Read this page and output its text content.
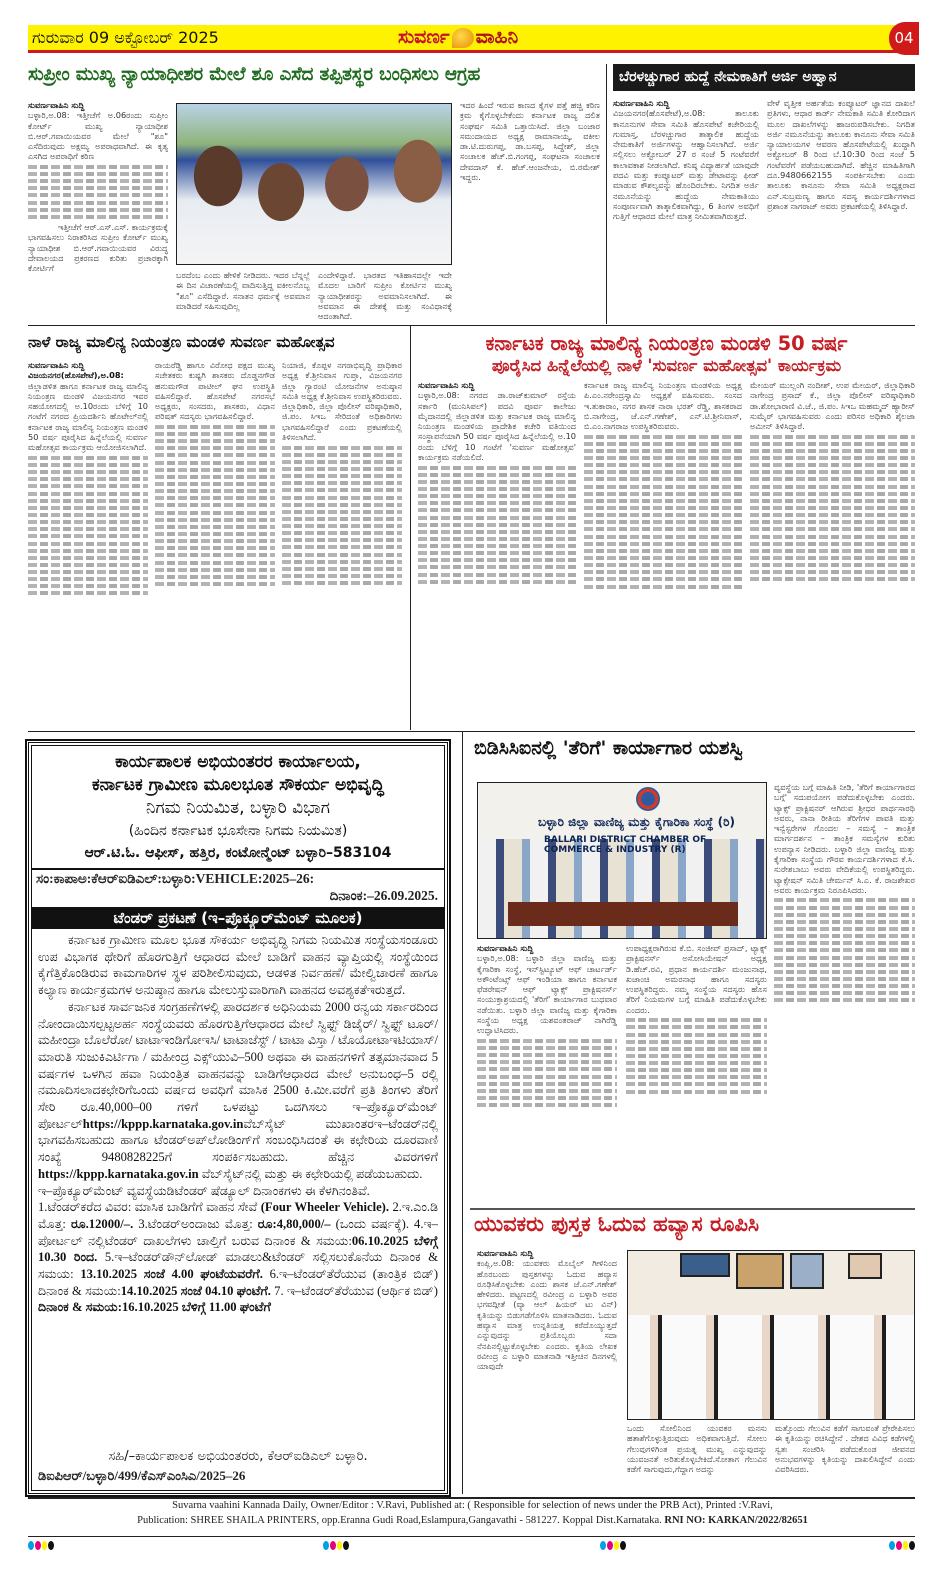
ಗುರುವಾರ 09 ಅಕ್ಟೋಬರ್ 2025	ಸುವರ್ಣ ವಾಹಿನಿ	04
ಸುಪ್ರೀಂ ಮುಖ್ಯ ನ್ಯಾಯಾಧೀಶರ ಮೇಲೆ ಶೂ ಎಸೆದ ತಪ್ಪಿತಸ್ಥರ ಬಂಧಿಸಲು ಆಗ್ರಹ
ಸುವರ್ಣವಾಹಿನಿ ಸುದ್ದಿ
ಬಳ್ಳಾರಿ,ಅ.08: ಇತ್ತೀಚೆಗೆ ಅ.06ರಂದು ಸುಪ್ರೀಂ ಕೋರ್ಟ್ ಮುಖ್ಯ ನ್ಯಾಯಾಧೀಶ ಬಿ.ಆರ್.ಗವಾಯಿಯವರ ಮೇಲೆ "ಶೂ" ಎಸೆದಿರುವುದು ಅಕ್ಷಮ್ಯ ಅಪರಾಧವಾಗಿದೆ. ಈ ಕೃತ್ಯ ಎಸಗಿದ ಅಪರಾಧಿಗೆ ಕಠಿಣ
ಇತ್ತೀಚೆಗೆ ಆರ್.ಎಸ್.ಎಸ್. ಕಾರ್ಯಕ್ರಮಕ್ಕೆ ಭಾಗವಹಿಸಲು ನಿರಾಕರಿಸಿದ ಸುಪ್ರೀಂ ಕೋರ್ಟ್ ಮುಖ್ಯ ನ್ಯಾಯಾಧೀಶ ಬಿ.ಆರ್.ಗವಾಯಿಯವರ ವಿರುದ್ಧ ದೇವಾಲಯದ ಪ್ರಕರಣದ ಕುರಿತು ಪ್ರಚಾರಕ್ಕಾಗಿ ಕೋರ್ಟಿಗೆ
ಬರದೆಂಬ ಎಂದು ಹೇಳಿಕೆ ನೀಡಿದರು. ಇದರ ಬೆನ್ನಲ್ಲೆ ಈ ದಿನ ವಿಚಾರಣೆಯಲ್ಲಿ ವಾದಿಸುತ್ತಿದ್ದ ವಕೀಲನೊಬ್ಬ "ಶೂ" ಎಸೆದಿದ್ದಾರೆ. ಸನಾತನ ಧರ್ಮಕ್ಕೆ ಅವಮಾನ ಮಾಡಿದರೆ ಸಹಿಸುವುದಿಲ್ಲ
ಎಂದೇಳಿದ್ದಾರೆ. ಭಾರತದ ಇತಿಹಾಸದಲ್ಲೇ ಇದೇ ಮೊದಲ ಬಾರಿಗೆ ಸುಪ್ರೀಂ ಕೋರ್ಟಿನ ಮುಖ್ಯ ನ್ಯಾಯಾಧೀಶರನ್ನು ಅವಮಾನಿಸಲಾಗಿದೆ. ಈ ಅವಮಾನ ಈ ದೇಶಕ್ಕೆ ಮತ್ತು ಸಂವಿಧಾನಕ್ಕೆ ಆದಂತಾಗಿದೆ.
ಇದರ ಹಿಂದೆ ಇರುವ ಕಾಣದ ಕೈಗಳ ಪತ್ತೆ ಹಚ್ಚಿ ಕಠಿಣ ಕ್ರಮ ಕೈಗೊಳ್ಳಬೇಕೆಂದು ಕರ್ನಾಟಕ ರಾಜ್ಯ ದಲಿತ ಸಂಘರ್ಷ ಸಮಿತಿ ಒತ್ತಾಯಿಸಿದೆ. ಜಿಲ್ಲಾ ಬಂಜಾರ ಸಮುದಾಯದ ಅಧ್ಯಕ್ಷ ರಾಮಾನಾಯ್ಕ, ವಕೀಲ ಡಾ.ಟಿ.ದುರುಗಪ್ಪ, ಡಾ.ಬಸಪ್ಪ, ಸಿದ್ದೇಶ್, ಜಿಲ್ಲಾ ಸಂಚಾಲಕ ಹೆಚ್.ಬಿ.ಗಂಗಪ್ಪ, ಸಂಘಟನಾ ಸಂಚಾಲಕ ದೇವದಾಸ್ ಕೆ. ಹೆಚ್.ಆಂಜನೇಯ, ಬಿ.ರಮೇಶ್ ಇದ್ದರು.
ಬೆರಳಚ್ಚುಗಾರ ಹುದ್ದೆ ನೇಮಕಾತಿಗೆ ಅರ್ಜಿ ಅಹ್ವಾನ
ಸುವರ್ಣವಾಹಿನಿ ಸುದ್ದಿ
ವಿಜಯನಗರ(ಹೊಸಪೇಟೆ),ಅ.08: ತಾಲೂಕು ಕಾನೂನುಗಳ ಸೇವಾ ಸಮಿತಿ ಹೊಸಪೇಟೆ ಕಚೇರಿಯಲ್ಲಿ ಗುಮಾಸ್ತ, ಬೆರಳಚ್ಚುಗಾರ ತಾತ್ಕಾಲಿಕ ಹುದ್ದೆಯ ನೇಮಕಾತಿಗೆ ಅರ್ಜಿಗಳನ್ನು ಆಹ್ವಾನಿಸಲಾಗಿದೆ. ಅರ್ಜಿ ಸಲ್ಲಿಸಲು ಅಕ್ಟೋಬರ್ 27 ರ ಸಂಜೆ 5 ಗಂಟೆವರೆಗೆ ಕಾಲಾವಕಾಶ ನೀಡಲಾಗಿದೆ. ಕನಿಷ್ಠ ವಿದ್ಯಾರ್ಹತೆ ಯಾವುದೇ ಪದವಿ ಮತ್ತು ಕಂಪ್ಯೂಟರ್ ಮತ್ತು ಡೇಟಾವನ್ನು ಫೀಡ್ ಮಾಡುವ ಕೌಶಲ್ಯವನ್ನು ಹೊಂದಿರಬೇಕು. ನಿಗದಿತ ಅರ್ಜಿ ನಮೂನೆಯನ್ನು ಹುದ್ದೆಯ ನೇಮಕಾತಿಯು ಸಂಪೂರ್ಣವಾಗಿ ತಾತ್ಕಾಲಿಕವಾಗಿದ್ದು, 6 ತಿಂಗಳ ಅವಧಿಗೆ ಗುತ್ತಿಗೆ ಆಧಾರದ ಮೇಲೆ ಮಾತ್ರ ನೀಮಿತವಾಗಿರುತ್ತದೆ.
ವೇಳೆ ವೃತ್ತೀಕ ಅರ್ಹತೆಯ ಕಂಪ್ಯೂಟರ್ ಜ್ಞಾನದ ದಾಖಲೆ ಪ್ರತಿಗಳು, ಆಧಾರ ಕಾರ್ಡ್ ನೇಮಕಾತಿ ಸಮಿತಿ ಕೋರಿದಾಗ ಮೂಲ ದಾಖಲೆಗಳನ್ನು ಹಾಜರುಪಡಿಸಬೇಕು. ನಿಗದಿತ ಅರ್ಜಿ ನಮೂನೆಯನ್ನು ತಾಲೂಕು ಕಾನೂನು ಸೇವಾ ಸಮಿತಿ ನ್ಯಾಯಾಲಯಗಳ ಆವರಣ ಹೊಸಪೇಟೆಯಲ್ಲಿ ಖುದ್ದಾಗಿ ಅಕ್ಟೋಬರ್ 8 ರಿಂದ ಬೆ.10:30 ರಿಂದ ಸಂಜೆ 5 ಗಂಟೆವರೆಗೆ ಪಡೆಯಬಹುದಾಗಿದೆ. ಹೆಚ್ಚಿನ ಮಾಹಿತಿಗಾಗಿ ದೂ.9480662155 ಸಂಪರ್ಕಿಸಬೇಕು ಎಂದು ತಾಲೂಕು ಕಾನೂನು ಸೇವಾ ಸಮಿತಿ ಅಧ್ಯಕ್ಷರಾದ ಎನ್.ಸುಬ್ರಮಣ್ಯ ಹಾಗೂ ಸದಸ್ಯ ಕಾರ್ಯದರ್ಶಿಗಳಾದ ಪ್ರಶಾಂತ ನಾಗರಾಜ್ ಅವರು ಪ್ರಕಟಣೆಯಲ್ಲಿ ತಿಳಿಸಿದ್ದಾರೆ.
ನಾಳೆ ರಾಜ್ಯ ಮಾಲಿನ್ಯ ನಿಯಂತ್ರಣ ಮಂಡಳಿ ಸುವರ್ಣ ಮಹೋತ್ಸವ
ಸುವರ್ಣವಾಹಿನಿ ಸುದ್ದಿ
ವಿಜಯನಗರ(ಹೊಸಪೇಟೆ),ಅ.08:
ಜಿಲ್ಲಾಡಳಿತ ಹಾಗೂ ಕರ್ನಾಟಕ ರಾಜ್ಯ ಮಾಲಿನ್ಯ ನಿಯಂತ್ರಣ ಮಂಡಳಿ ವಿಜಯನಗರ ಇವರ ಸಹಯೋಗದಲ್ಲಿ ಅ.10ರಂದು ಬೆಳಿಗ್ಗೆ 10 ಗಂಟೆಗೆ ನಗರದ ಪ್ರಿಯದರ್ಶಿನಿ ಹೊಟೇಲ್‌ನಲ್ಲಿ ಕರ್ನಾಟಕ ರಾಜ್ಯ ಮಾಲಿನ್ಯ ನಿಯಂತ್ರಣ ಮಂಡಳಿ 50 ವರ್ಷ ಪೂರೈಸಿದ ಹಿನ್ನೆಲೆಯಲ್ಲಿ ಸುವರ್ಣ ಮಹೋತ್ಸವ ಕಾರ್ಯಕ್ರಮ ಆಯೋಜಿಸಲಾಗಿದೆ.
ರಾಯರೆಡ್ಡಿ ಹಾಗೂ ವಿರೋಧ ಪಕ್ಷದ ಮುಖ್ಯ ಸಚೇತಕರು ಕುಷ್ಟಗಿ ಶಾಸಕರು ದೊಡ್ಡನಗೌಡ ಹನುಮಗೌಡ ಪಾಟೀಲ್ ಘನ ಉಪಸ್ಥಿತಿ ವಹಿಸಲಿದ್ದಾರೆ. ಹೊಸಪೇಟೆ ನಗರಸಭೆ ಅಧ್ಯಕ್ಷರು, ಸಂಸದರು, ಶಾಸಕರು, ವಿಧಾನ ಪರಿಷತ್ ಸದಸ್ಯರು ಭಾಗವಹಿಸಲಿದ್ದಾರೆ.
ನಿಯಾಜಿ, ಕೊಪ್ಪಳ ನಗರಾಭಿವೃದ್ಧಿ ಪ್ರಾಧಿಕಾರ ಅಧ್ಯಕ್ಷ ಕೆ.ಶ್ರೀನಿವಾಸ ಗುಪ್ತಾ, ವಿಜಯನಗರ ಜಿಲ್ಲಾ ಗ್ಯಾರಂಟಿ ಯೋಜನೆಗಳ ಅನುಷ್ಠಾನ ಸಮಿತಿ ಅಧ್ಯಕ್ಷ ಕೆ.ಶ್ರೀನಿವಾಸ ಉಪಸ್ಥಿತರಿರುವರು. ಜಿಲ್ಲಾಧಿಕಾರಿ, ಜಿಲ್ಲಾ ಪೊಲೀಸ್ ವರಿಷ್ಠಾಧಿಕಾರಿ, ಜಿ.ಪಂ. ಸಿಇಒ ಸೇರಿದಂತೆ ಅಧಿಕಾರಿಗಳು ಭಾಗವಹಿಸಲಿದ್ದಾರೆ ಎಂದು ಪ್ರಕಟಣೆಯಲ್ಲಿ ತಿಳಿಸಲಾಗಿದೆ.
ಕರ್ನಾಟಕ ರಾಜ್ಯ ಮಾಲಿನ್ಯ ನಿಯಂತ್ರಣ ಮಂಡಳಿ 50 ವರ್ಷ
ಪೂರೈಸಿದ ಹಿನ್ನೆಲೆಯಲ್ಲಿ ನಾಳೆ 'ಸುವರ್ಣ ಮಹೋತ್ಸವ' ಕಾರ್ಯಕ್ರಮ
ಸುವರ್ಣವಾಹಿನಿ ಸುದ್ದಿ
ಬಳ್ಳಾರಿ,ಅ.08: ನಗರದ ಡಾ.ರಾಜ್‌ಕುಮಾರ್ ರಸ್ತೆಯ ಸರ್ಕಾರಿ (ಮುನಿಸಿಪಲ್) ಪದವಿ ಪೂರ್ವ ಕಾಲೇಜು ಮೈದಾನದಲ್ಲಿ ಜಿಲ್ಲಾಡಳಿತ ಮತ್ತು ಕರ್ನಾಟಕ ರಾಜ್ಯ ಮಾಲಿನ್ಯ ನಿಯಂತ್ರಣ ಮಂಡಳಿಯ ಪ್ರಾದೇಶಿಕ ಕಚೇರಿ ವತಿಯಿಂದ ಸಂಸ್ಥಾಪನೆಯಾಗಿ 50 ವರ್ಷ ಪೂರೈಸಿದ ಹಿನ್ನೆಲೆಯಲ್ಲಿ ಅ.10 ರಂದು ಬೆಳಿಗ್ಗೆ 10 ಗಂಟೆಗೆ 'ಸುವರ್ಣ ಮಹೋತ್ಸವ' ಕಾರ್ಯಕ್ರಮ ನಡೆಯಲಿದೆ.
ಕರ್ನಾಟಕ ರಾಜ್ಯ ಮಾಲಿನ್ಯ ನಿಯಂತ್ರಣ ಮಂಡಳಿಯ ಅಧ್ಯಕ್ಷ ಪಿ.ಎಂ.ನರೇಂದ್ರಸ್ವಾಮಿ ಅಧ್ಯಕ್ಷತೆ ವಹಿಸುವರು. ಸಂಸದ ಇ.ತುಕಾರಾಂ, ನಗರ ಶಾಸಕ ನಾರಾ ಭರತ್ ರೆಡ್ಡಿ, ಶಾಸಕರಾದ ಬಿ.ನಾಗೇಂದ್ರ, ಜೆ.ಎನ್.ಗಣೇಶ್, ಎನ್.ಟಿ.ಶ್ರೀನಿವಾಸ್, ಬಿ.ಎಂ.ನಾಗರಾಜ ಉಪಸ್ಥಿತರಿರುವರು.
ಮೇಯರ್ ಮುಲ್ಲಂಗಿ ನಂದೀಶ್, ಉಪ ಮೇಯರ್, ಜಿಲ್ಲಾಧಿಕಾರಿ ನಾಗೇಂದ್ರ ಪ್ರಸಾದ್ ಕೆ., ಜಿಲ್ಲಾ ಪೊಲೀಸ್ ವರಿಷ್ಠಾಧಿಕಾರಿ ಡಾ.ಶೋಭಾರಾಣಿ ವಿ.ಜೆ., ಜಿ.ಪಂ. ಸಿಇಒ ಮಹಮ್ಮದ್ ಹ್ಯಾರೀಸ್ ಸುಮೈರ್ ಭಾಗವಹಿಸುವರು ಎಂದು ಪರಿಸರ ಅಧಿಕಾರಿ ಶೈಲಜಾ ಅಮೀನ್ ತಿಳಿಸಿದ್ದಾರೆ.
ಕಾರ್ಯಪಾಲಕ ಅಭಿಯಂತರರ ಕಾರ್ಯಾಲಯ,
ಕರ್ನಾಟಕ ಗ್ರಾಮೀಣ ಮೂಲಭೂತ ಸೌಕರ್ಯ ಅಭಿವೃದ್ಧಿ
ನಿಗಮ ನಿಯಮಿತ, ಬಳ್ಳಾರಿ ವಿಭಾಗ
(ಹಿಂದಿನ ಕರ್ನಾಟಕ ಭೂಸೇನಾ ನಿಗಮ ನಿಯಮಿತ)
ಆರ್.ಟಿ.ಓ. ಆಫೀಸ್, ಹತ್ತಿರ, ಕಂಟೋನ್ಮೆಂಟ್ ಬಳ್ಳಾರಿ–583104
ಸಂ:ಕಾಪಾಅ:ಕೆಆರ್‌ಐಡಿಎಲ್:ಬಳ್ಳಾರಿ:VEHICLE:2025–26:
ದಿನಾಂಕ:–26.09.2025.
ಟೆಂಡರ್ ಪ್ರಕಟಣೆ (ಇ–ಪ್ರೊಕ್ಯೂರ್‌ಮೆಂಟ್ ಮೂಲಕ)

ಕರ್ನಾಟಕ ಗ್ರಾಮೀಣ ಮೂಲ ಭೂತ ಸೌಕರ್ಯ ಅಭಿವೃದ್ಧಿ ನಿಗಮ ನಿಯಮಿತ ಸಂಸ್ಥೆಯಸಂಡೂರು ಉಪ ವಿಭಾಗಕ ಥೇರಿಗೆ ಹೊರಗುತ್ತಿಗೆ ಆಧಾರದ ಮೇಲೆ ಬಾಡಿಗೆ ವಾಹನ ವ್ಯಾಪ್ತಿಯಲ್ಲಿ ಸಂಸ್ಥೆಯಿಂದ ಕೈಗೆತ್ತಿಕೊಂಡಿರುವ ಕಾಮಗಾರಿಗಳ ಸ್ಥಳ ಪರಿಶೀಲಿಸುವುದು, ಆಡಳಿತ ನಿರ್ವಹಣೆ/ ಮೇಲ್ವಿಚಾರಣೆ ಹಾಗೂ ಕಲ್ಯಾಣ ಕಾರ್ಯಕ್ರಮಗಳ ಅನುಷ್ಠಾನ ಹಾಗೂ ಮೇಲುಸ್ತುವಾರಿಗಾಗಿ ವಾಹನದ ಅವಶ್ಯಕತೆಇರುತ್ತದೆ.

ಕರ್ನಾಟಕ ಸಾರ್ವಜನಿಕ ಸಂಗ್ರಹಣೆಗಳಲ್ಲಿ ಪಾರದರ್ಶಕ ಅಧಿನಿಯಮ 2000 ರನ್ವಯ ಸರ್ಕಾರದಿಂದ ನೋಂದಾಯಿಸಲ್ಪಟ್ಟಅರ್ಹ ಸಂಸ್ಥೆಯವರು ಹೊರಗುತ್ತಿಗೆಆಧಾರದ ಮೇಲೆ ಸ್ವಿಫ್ಟ್ ಡಿಜೈರ್/ ಸ್ವಿಫ್ಟ್ ಟೂರ್/ ಮಹೀಂದ್ರಾ ಬೊಲೆರೋ/ ಟಾಟಾಇಂಡಿಗೋಇಸಿ/ ಟಾಟಾಜೆಸ್ಟ್ / ಟಾಟಾ ವಿಸ್ತಾ / ಟೊಯೋಟಾಇಟಿಯಾಸ್/ ಮಾರುತಿ ಸುಜುಕಿಎರ್ಟಿಗಾ / ಮಹೀಂದ್ರ ಎಕ್ಸ್‌ಯುವಿ–500 ಅಥವಾ ಈ ವಾಹನಗಳಿಗೆ ತತ್ಸಮಾನವಾದ 5 ವರ್ಷಗಳ ಒಳಗಿನ ಹವಾ ನಿಯಂತ್ರಿತ ವಾಹನವನ್ನು ಬಾಡಿಗೆಆಧಾರದ ಮೇಲೆ ಅನುಬಂಧ–5 ರಲ್ಲಿ ನಮೂದಿಸಲಾದಕಛೇರಿಗೆಒಂದು ವರ್ಷದ ಅವಧಿಗೆ ಮಾಸಿಕ 2500 ಕಿ.ಮೀ.ವರೆಗೆ ಪ್ರತಿ ತಿಂಗಳು ತೆರಿಗೆ ಸೇರಿ ರೂ.40,000–00 ಗಳಿಗೆ ಒಳಪಟ್ಟು ಒದಗಿಸಲು ಇ–ಪ್ರೊಕ್ಯೂರ್‌ಮೆಂಟ್ ಪೋರ್ಟಲ್https://kppp.karnataka.gov.inವೆಬ್‌ಸೈಟ್ ಮುಖಾಂತರಇ–ಟೆಂಡರ್‌ನಲ್ಲಿ ಭಾಗವಹಿಸಬಹುದು ಹಾಗೂ ಟೆಂಡರ್‌ಅಪ್‌ಲೋಡಿಂಗ್‌ಗೆ ಸಂಬಂಧಿಸಿದಂತೆ ಈ ಕಛೇರಿಯ ದೂರವಾಣಿ ಸಂಖ್ಯೆ 9480828225ಗೆ ಸಂಪರ್ಕಿಸಬಹುದು. ಹೆಚ್ಚಿನ ವಿವರಗಳಿಗೆ https://kppp.karnataka.gov.in ವೆಬ್‌ಸೈಟ್‌ನಲ್ಲಿ ಮತ್ತು ಈ ಕಛೇರಿಯಲ್ಲಿ ಪಡೆಯಬಹುದು.

ಇ–ಪ್ರೊಕ್ಯೂರ್‌ಮೆಂಟ್ ವ್ಯವಸ್ಥೆಯಡಿಟೆಂಡರ್ ಷೆಡ್ಯೂಲ್ ದಿನಾಂಕಗಳು ಈ ಕೆಳಗಿನಂತಿವೆ.

1.ಟೆಂಡರ್‌ಕರೆದ ವಿವರ: ಮಾಸಿಕ ಬಾಡಿಗೆಗೆ ವಾಹನ ಸೇವೆ (Four Wheeler Vehicle). 2.ಇ.ಎಂ.ಡಿ ಮೊತ್ತ: ರೂ.12000/–. 3.ಟೆಂಡರ್‌ಅಂದಾಜು ಮೊತ್ತ: ರೂ:4,80,000/– (ಒಂದು ವರ್ಷಕ್ಕೆ). 4.ಇ–ಪೋರ್ಟಲ್ ನಲ್ಲಿಟೆಂಡರ್ ದಾಖಲೆಗಳು ಚಾಲ್ತಿಗೆ ಬರುವ ದಿನಾಂಕ & ಸಮಯ:06.10.2025 ಬೆಳಿಗ್ಗೆ 10.30 ರಿಂದ. 5.ಇ–ಟೆಂಡರ್‌ಡೌನ್‌ಲೋಡ್ ಮಾಡಲು&ಟೆಂಡರ್ ಸಲ್ಲಿಸಲುಕೊನೆಯ ದಿನಾಂಕ & ಸಮಯ: 13.10.2025 ಸಂಜೆ 4.00 ಘಂಟೆಯವರೆಗೆ. 6.ಇ–ಟೆಂಡರ್‌ತೆರೆಯುವ (ತಾಂತ್ರಿಕ ಬಿಡ್) ದಿನಾಂಕ & ಸಮಯ:14.10.2025 ಸಂಜೆ 04.10 ಘಂಟೆಗೆ. 7. ಇ–ಟೆಂಡರ್‌ತೆರೆಯುವ (ಆರ್ಥಿಕ ಬಿಡ್) ದಿನಾಂಕ & ಸಮಯ:16.10.2025 ಬೆಳಿಗ್ಗೆ 11.00 ಘಂಟೆಗೆ

ಸಹಿ/–ಕಾರ್ಯಪಾಲಕ ಅಭಿಯಂತರರು, ಕೆಆರ್‌ಐಡಿಎಲ್ ಬಳ್ಳಾರಿ.
ಡಿಐಪಿಆರ್/ಬಳ್ಳಾರಿ/499/ಕೆಎಸ್‌ಎಂಸಿಎ/2025–26
ಬಿಡಿಸಿಸಿಐನಲ್ಲಿ 'ತೆರಿಗೆ' ಕಾರ್ಯಾಗಾರ ಯಶಸ್ವಿ
ಬಳ್ಳಾರಿ ಜಿಲ್ಲಾ ವಾಣಿಜ್ಯ ಮತ್ತು ಕೈಗಾರಿಕಾ ಸಂಸ್ಥೆ (ರಿ)
BALLARI DISTRICT CHAMBER OF COMMERCE & INDUSTRY (R)
ವ್ಯವಸ್ಥೆಯ ಬಗ್ಗೆ ಮಾಹಿತಿ ನೀಡಿ, 'ತೆರಿಗೆ ಕಾರ್ಯಾಗಾರದ ಬಗ್ಗೆ' ಸದುಪಯೋಗ ಪಡೆದುಕೊಳ್ಳಬೇಕು ಎಂದರು. ಟ್ಯಾಕ್ಸ್ ಪ್ರಾಕ್ಟಿಷನರ್ ಆಗಿರುವ ಶ್ರೀಧರ ಪಾರ್ಥಸಾರಥಿ ಅವರು, ನಾನಾ ರೀತಿಯ ತೆರಿಗೆಗಳ ಪಾವತಿ ಮತ್ತು ಇನ್ವೆಸ್ಟರೇಗಳ ಗೊಂದಲ – ಸಮಸ್ಯೆ – ತಾಂತ್ರಿಕ ಮಾರ್ಗದರ್ಶನ – ತಾಂತ್ರಿಕ ಸಮಸ್ಯೆಗಳ ಕುರಿತು ಉಪನ್ಯಾಸ ನೀಡಿದರು. ಬಳ್ಳಾರಿ ಜಿಲ್ಲಾ ವಾಣಿಜ್ಯ ಮತ್ತು ಕೈಗಾರಿಕಾ ಸಂಸ್ಥೆಯ ಗೌರವ ಕಾರ್ಯದರ್ಶಿಗಳಾದ ಕೆ.ಸಿ. ಸುರೇಶಬಾಬು ಅವರು ವೇದಿಕೆಯಲ್ಲಿ ಉಪಸ್ಥಿತರಿದ್ದರು. ಟ್ಯಾಕ್ಸೇಷನ್ ಸಮಿತಿ ಚೇರ್ಮನ್ ಸಿ.ಎ. ಕೆ. ರಾಜಶೇಖರ ಅವರು ಕಾರ್ಯಕ್ರಮ ನಿರೂಪಿಸಿದರು.
ಸುವರ್ಣವಾಹಿನಿ ಸುದ್ದಿ
ಬಳ್ಳಾರಿ,ಅ.08: ಬಳ್ಳಾರಿ ಜಿಲ್ಲಾ ವಾಣಿಜ್ಯ ಮತ್ತು ಕೈಗಾರಿಕಾ ಸಂಸ್ಥೆ, ಇನ್‌ಸ್ಟಿಟ್ಯೂಟ್ ಆಫ್ ಚಾರ್ಟರ್ಡ್ ಅಕೌಂಟೆಂಟ್ಸ್ ಆಫ್ ಇಂಡಿಯಾ ಹಾಗೂ ಕರ್ನಾಟಕ ಫೆಡರೇಷನ್ ಆಫ್ ಟ್ಯಾಕ್ಸ್ ಪ್ರಾಕ್ಟಿಷನರ್ಸ್ ಸಂಯುಕ್ತಾಶ್ರಯದಲ್ಲಿ 'ತೆರಿಗೆ' ಕಾರ್ಯಾಗಾರ ಬುಧವಾರ ನಡೆಯಿತು. ಬಳ್ಳಾರಿ ಜಿಲ್ಲಾ ವಾಣಿಜ್ಯ ಮತ್ತು ಕೈಗಾರಿಕಾ ಸಂಸ್ಥೆಯ ಅಧ್ಯಕ್ಷ ಯಶವಂತರಾಜ್ ನಾಗಿರೆಡ್ಡಿ ಉದ್ಘಾಟಿಸಿದರು.
ಉಪಾಧ್ಯಕ್ಷರಾಗಿರುವ ಕೆ.ಬಿ. ಸಂಜೀವ್ ಪ್ರಸಾದ್, ಟ್ಯಾಕ್ಸ್ ಪ್ರಾಕ್ಟಿಷನರ್ಸ್ ಅಸೋಸಿಯೇಷನ್ ಅಧ್ಯಕ್ಷ ಡಿ.ಹೆಚ್.ರವಿ, ಪ್ರಧಾನ ಕಾರ್ಯದರ್ಶಿ ಮಂಜುನಾಥ, ಖಜಾಂಚಿ ಅಮರನಾಥ ಹಾಗೂ ಸದಸ್ಯರು ಉಪಸ್ಥಿತರಿದ್ದರು. ನಮ್ಮ ಸಂಸ್ಥೆಯ ಸದಸ್ಯರು ಹೊಸ ತೆರಿಗೆ ನಿಯಮಗಳ ಬಗ್ಗೆ ಮಾಹಿತಿ ಪಡೆದುಕೊಳ್ಳಬೇಕು ಎಂದರು.
ಯುವಕರು ಪುಸ್ತಕ ಓದುವ ಹವ್ಯಾಸ ರೂಪಿಸಿ
ಸುವರ್ಣವಾಹಿನಿ ಸುದ್ದಿ
ಕಂಪ್ಲಿ,ಅ.08: ಯುವಕರು ಮೊಬೈಲ್ ಗೀಳಿನಿಂದ ಹೊರಬಂದು ಪುಸ್ತಕಗಳನ್ನು ಓದುವ ಹವ್ಯಾಸ ರೂಢಿಸಿಕೊಳ್ಳಬೇಕು ಎಂದು ಶಾಸಕ ಜೆ.ಎನ್.ಗಣೇಶ್ ಹೇಳಿದರು. ಪಟ್ಟಣದಲ್ಲಿ ರವೀಂದ್ರ ಎ ಬಳ್ಳಾರಿ ಅವರ ಭಗವದ್ಗೀತೆ (ವ್ಯಾ ಆಲ್ ಹಿಯರ್ ಟು ವಿನ್) ಕೃತಿಯನ್ನು ಬಿಡುಗಡೆಗೊಳಿಸಿ ಮಾತನಾಡಿದರು. ಓದುವ ಹವ್ಯಾಸ ಮಾತ್ರ ಉನ್ನತಿಯತ್ತ ಕರೆದೊಯ್ಯುತ್ತದೆ ಎನ್ನುವುದನ್ನು ಪ್ರತಿಯೊಬ್ಬರು ಸದಾ ನೆನಪಿನಲ್ಲಿಟ್ಟುಕೊಳ್ಳಬೇಕು ಎಂದರು. ಕೃತಿಯ ಲೇಖಕ ರವೀಂದ್ರ ಎ ಬಳ್ಳಾರಿ ಮಾತನಾಡಿ ಇತ್ತೀಚಿನ ದಿನಗಳಲ್ಲಿ ಯಾವುದೇ
ಒಂದು ಸೋಲಿನಿಂದ ಯುವಕರ ಮನಸು ಹತಾಶೆಗೊಳ್ಳುತ್ತಿರುವುದು ಅಧಿಕವಾಗುತ್ತಿದೆ. ಸೋಲು ಗೆಲುವುಗಳಿಗಿಂತ ಪ್ರಯತ್ನ ಮುಖ್ಯ ಎನ್ನುವುದನ್ನು ಯುವಜನತೆ ಅರಿತುಕೊಳ್ಳಬೇಕಿದೆ.ಸೋತಾಗ ಗೆಲುವಿನ ಕಡೆಗೆ ಸಾಗುವುದು,ಗೆದ್ದಾಗ ಅದನ್ನು
ಮತ್ತೊಂದು ಗೆಲುವಿನ ಕಡೆಗೆ ಸಾಗುವಂತೆ ಪ್ರೇರೇಪಿಸಲು ಈ ಕೃತಿಯನ್ನು ರಚಿಸಿದ್ದೇನೆ . ದೇಶದ ವಿವಿಧ ಕಡೆಗಳಲ್ಲಿ ಸ್ವತಃ ಸಂಚರಿಸಿ ಪಡೆದುಕೊಂಡ ಜೀವನದ ಅನುಭವಗಳನ್ನು ಕೃತಿಯನ್ನು ದಾಖಲಿಸಿದ್ದೇನೆ ಎಂದು ವಿವರಿಸಿದರು.
Suvarna vaahini Kannada Daily, Owner/Editor : V.Ravi, Published at: ( Responsible for selection of news under the PRB Act), Printed :V.Ravi,
Publication: SHREE SHAILA PRINTERS, opp.Eranna Gudi Road,Eslampura,Gangavathi - 581227. Koppal Dist.Karnataka. RNI NO: KARKAN/2022/82651
